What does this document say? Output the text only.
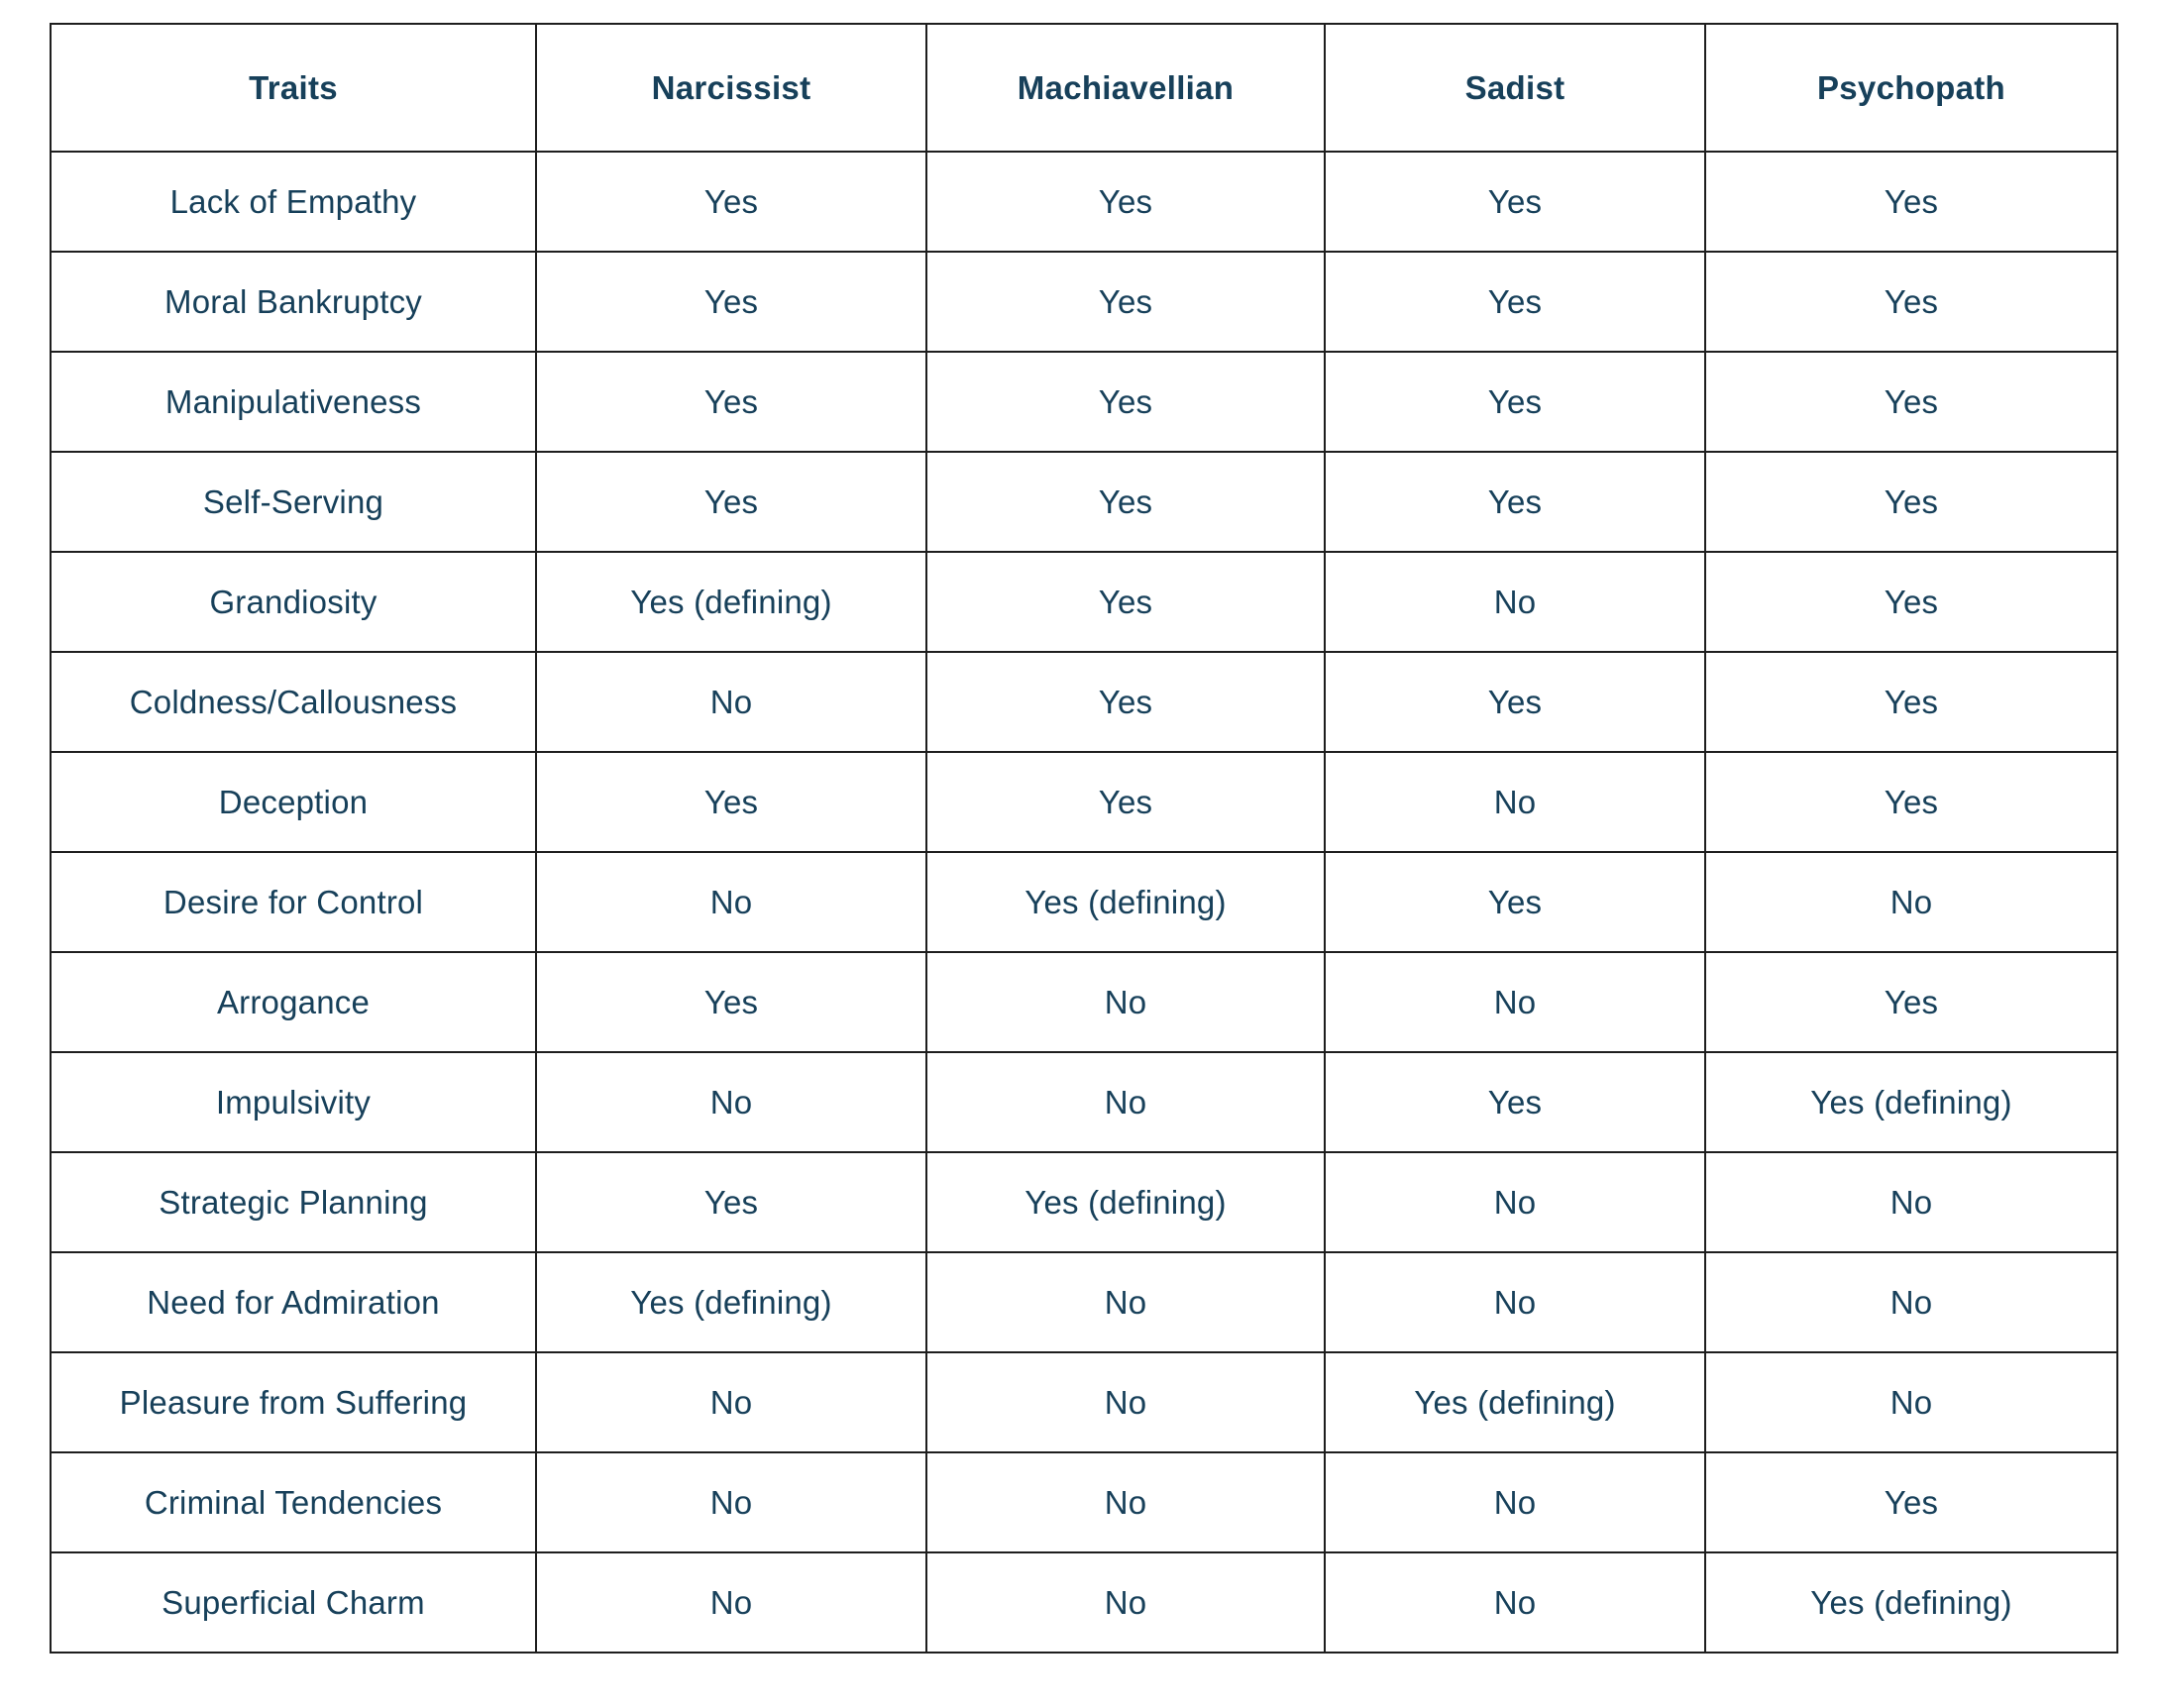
Traits	Narcissist	Machiavellian	Sadist	Psychopath
Lack of Empathy	Yes	Yes	Yes	Yes
Moral Bankruptcy	Yes	Yes	Yes	Yes
Manipulativeness	Yes	Yes	Yes	Yes
Self-Serving	Yes	Yes	Yes	Yes
Grandiosity	Yes (defining)	Yes	No	Yes
Coldness/Callousness	No	Yes	Yes	Yes
Deception	Yes	Yes	No	Yes
Desire for Control	No	Yes (defining)	Yes	No
Arrogance	Yes	No	No	Yes
Impulsivity	No	No	Yes	Yes (defining)
Strategic Planning	Yes	Yes (defining)	No	No
Need for Admiration	Yes (defining)	No	No	No
Pleasure from Suffering	No	No	Yes (defining)	No
Criminal Tendencies	No	No	No	Yes
Superficial Charm	No	No	No	Yes (defining)
